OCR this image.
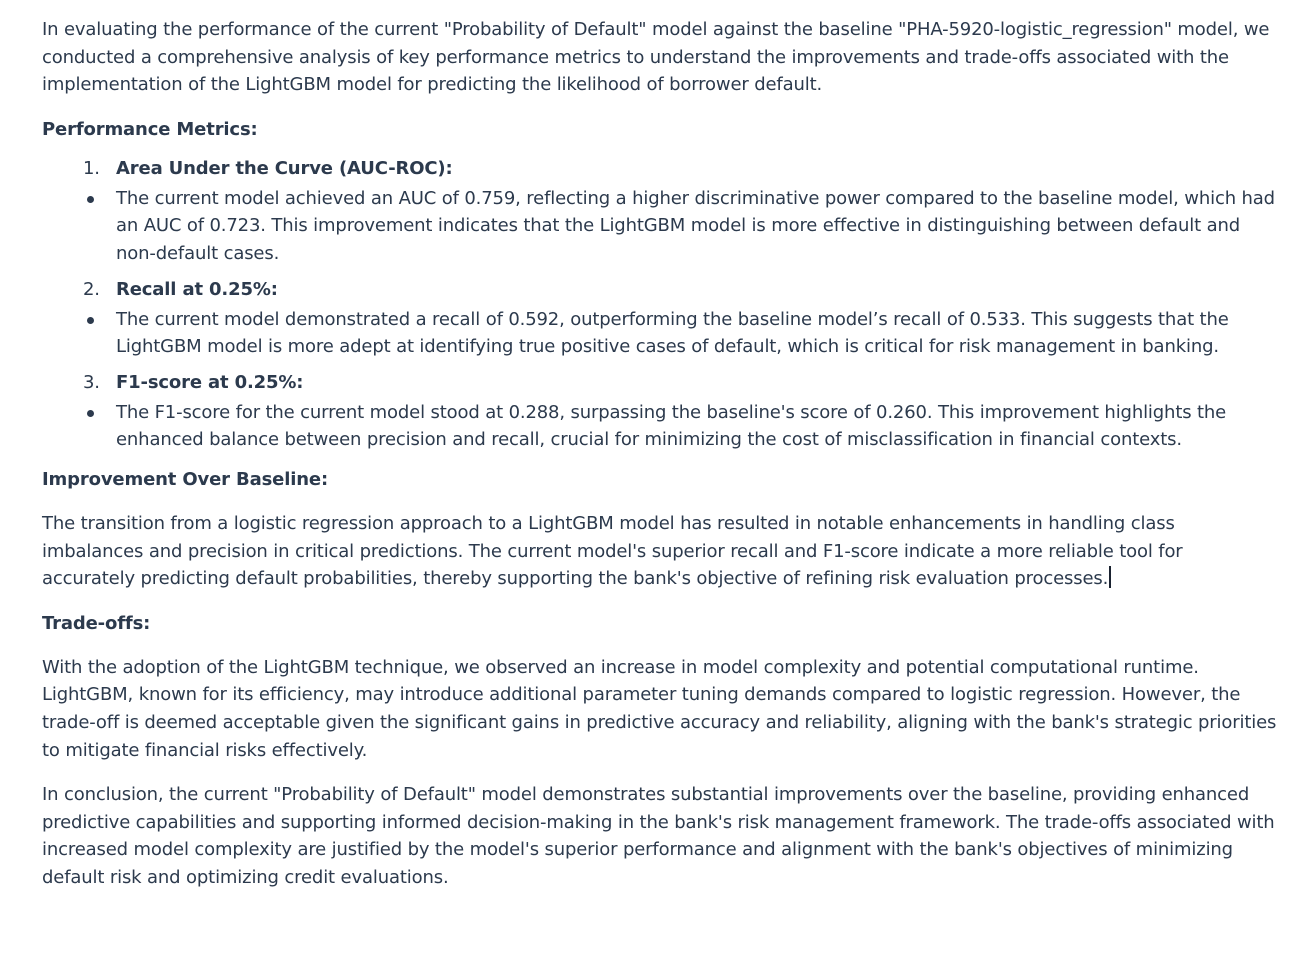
In evaluating the performance of the current "Probability of Default" model against the baseline "PHA-5920-logistic_regression" model, we conducted a comprehensive analysis of key performance metrics to understand the improvements and trade-offs associated with the implementation of the LightGBM model for predicting the likelihood of borrower default.

Performance Metrics:

1. Area Under the Curve (AUC-ROC):
The current model achieved an AUC of 0.759, reflecting a higher discriminative power compared to the baseline model, which had an AUC of 0.723. This improvement indicates that the LightGBM model is more effective in distinguishing between default and non-default cases.
2. Recall at 0.25%:
The current model demonstrated a recall of 0.592, outperforming the baseline model’s recall of 0.533. This suggests that the LightGBM model is more adept at identifying true positive cases of default, which is critical for risk management in banking.
3. F1-score at 0.25%:
The F1-score for the current model stood at 0.288, surpassing the baseline's score of 0.260. This improvement highlights the enhanced balance between precision and recall, crucial for minimizing the cost of misclassification in financial contexts.

Improvement Over Baseline:

The transition from a logistic regression approach to a LightGBM model has resulted in notable enhancements in handling class imbalances and precision in critical predictions. The current model's superior recall and F1-score indicate a more reliable tool for accurately predicting default probabilities, thereby supporting the bank's objective of refining risk evaluation processes.

Trade-offs:

With the adoption of the LightGBM technique, we observed an increase in model complexity and potential computational runtime. LightGBM, known for its efficiency, may introduce additional parameter tuning demands compared to logistic regression. However, the trade-off is deemed acceptable given the significant gains in predictive accuracy and reliability, aligning with the bank's strategic priorities to mitigate financial risks effectively.

In conclusion, the current "Probability of Default" model demonstrates substantial improvements over the baseline, providing enhanced predictive capabilities and supporting informed decision-making in the bank's risk management framework. The trade-offs associated with increased model complexity are justified by the model's superior performance and alignment with the bank's objectives of minimizing default risk and optimizing credit evaluations.
